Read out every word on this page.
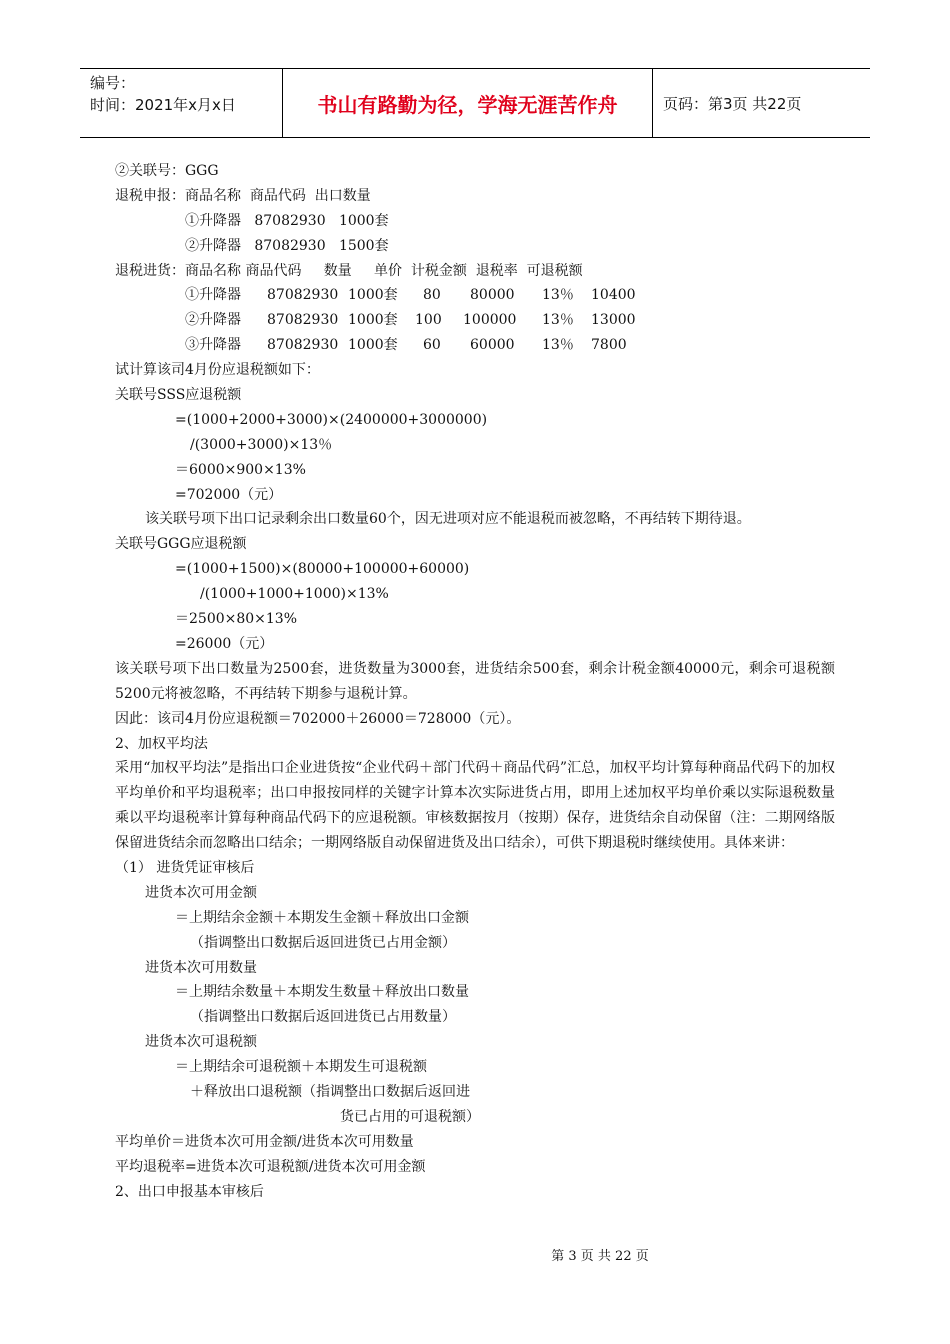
编号：
时间：2021年x月x日	书山有路勤为径，学海无涯苦作舟	页码：第3页 共22页
②关联号：GGG
退税申报：商品名称  商品代码  出口数量
①升降器   87082930   1000套
②升降器   87082930   1500套
退税进货：商品名称 商品代码     数量     单价  计税金额  退税率  可退税额
①升降器 87082930 1000套 80 80000 13％ 10400
②升降器 87082930 1000套 100 100000 13％ 13000
③升降器 87082930 1000套 60 60000 13％ 7800
试计算该司4月份应退税额如下：
关联号SSS应退税额
=(1000+2000+3000)×(2400000+3000000)
/(3000+3000)×13％
＝6000×900×13%
=702000（元）
该关联号项下出口记录剩余出口数量60个，因无进项对应不能退税而被忽略，不再结转下期待退。
关联号GGG应退税额
=(1000+1500)×(80000+100000+60000)
/(1000+1000+1000)×13%
＝2500×80×13%
=26000（元）
该关联号项下出口数量为2500套，进货数量为3000套，进货结余500套，剩余计税金额40000元，剩余可退税额5200元将被忽略，不再结转下期参与退税计算。
因此：该司4月份应退税额＝702000＋26000＝728000（元）。
2、加权平均法
采用“加权平均法”是指出口企业进货按“企业代码＋部门代码＋商品代码”汇总，加权平均计算每种商品代码下的加权平均单价和平均退税率；出口申报按同样的关键字计算本次实际进货占用，即用上述加权平均单价乘以实际退税数量乘以平均退税率计算每种商品代码下的应退税额。审核数据按月（按期）保存，进货结余自动保留（注：二期网络版保留进货结余而忽略出口结余；一期网络版自动保留进货及出口结余），可供下期退税时继续使用。具体来讲：
（1） 进货凭证审核后
进货本次可用金额
＝上期结余金额＋本期发生金额＋释放出口金额
（指调整出口数据后返回进货已占用金额）
进货本次可用数量
＝上期结余数量＋本期发生数量＋释放出口数量
（指调整出口数据后返回进货已占用数量）
进货本次可退税额
＝上期结余可退税额＋本期发生可退税额
＋释放出口退税额（指调整出口数据后返回进
货已占用的可退税额）
平均单价＝进货本次可用金额/进货本次可用数量
平均退税率=进货本次可退税额/进货本次可用金额
2、出口申报基本审核后
第 3 页 共 22 页
